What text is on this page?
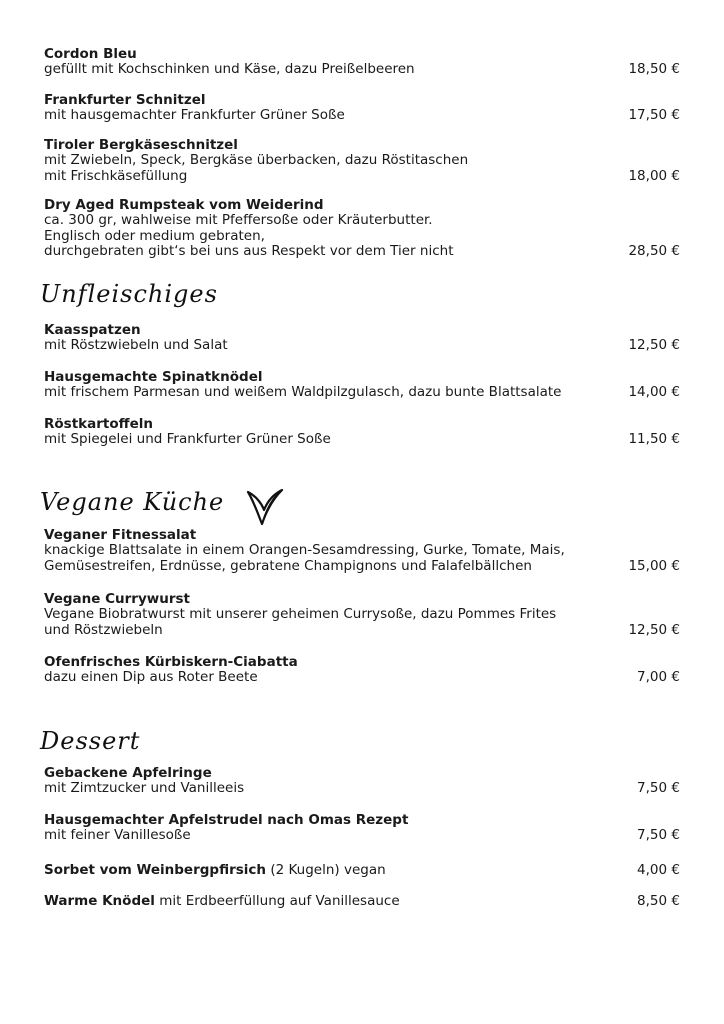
Cordon Bleu
gefüllt mit Kochschinken und Käse, dazu Preißelbeeren	18,50 €
Frankfurter Schnitzel
mit hausgemachter Frankfurter Grüner Soße	17,50 €
Tiroler Bergkäseschnitzel
mit Zwiebeln, Speck, Bergkäse überbacken, dazu Röstitaschen
mit Frischkäsefüllung	18,00 €
Dry Aged Rumpsteak vom Weiderind
ca. 300 gr, wahlweise mit Pfeffersoße oder Kräuterbutter.
Englisch oder medium gebraten,
durchgebraten gibt‘s bei uns aus Respekt vor dem Tier nicht	28,50 €
Unfleischiges
Kaasspatzen
mit Röstzwiebeln und Salat	12,50 €
Hausgemachte Spinatknödel
mit frischem Parmesan und weißem Waldpilzgulasch, dazu bunte Blattsalate	14,00 €
Röstkartoffeln
mit Spiegelei und Frankfurter Grüner Soße	11,50 €
Vegane Küche
Veganer Fitnessalat
knackige Blattsalate in einem Orangen-Sesamdressing, Gurke, Tomate, Mais,
Gemüsestreifen, Erdnüsse, gebratene Champignons und Falafelbällchen	15,00 €
Vegane Currywurst
Vegane Biobratwurst mit unserer geheimen Currysoße, dazu Pommes Frites
und Röstzwiebeln	12,50 €
Ofenfrisches Kürbiskern-Ciabatta
dazu einen Dip aus Roter Beete	7,00 €
Dessert
Gebackene Apfelringe
mit Zimtzucker und Vanilleeis	7,50 €
Hausgemachter Apfelstrudel nach Omas Rezept
mit feiner Vanillesoße	7,50 €
Sorbet vom Weinbergpfirsich (2 Kugeln) vegan	4,00 €
Warme Knödel mit Erdbeerfüllung auf Vanillesauce	8,50 €
